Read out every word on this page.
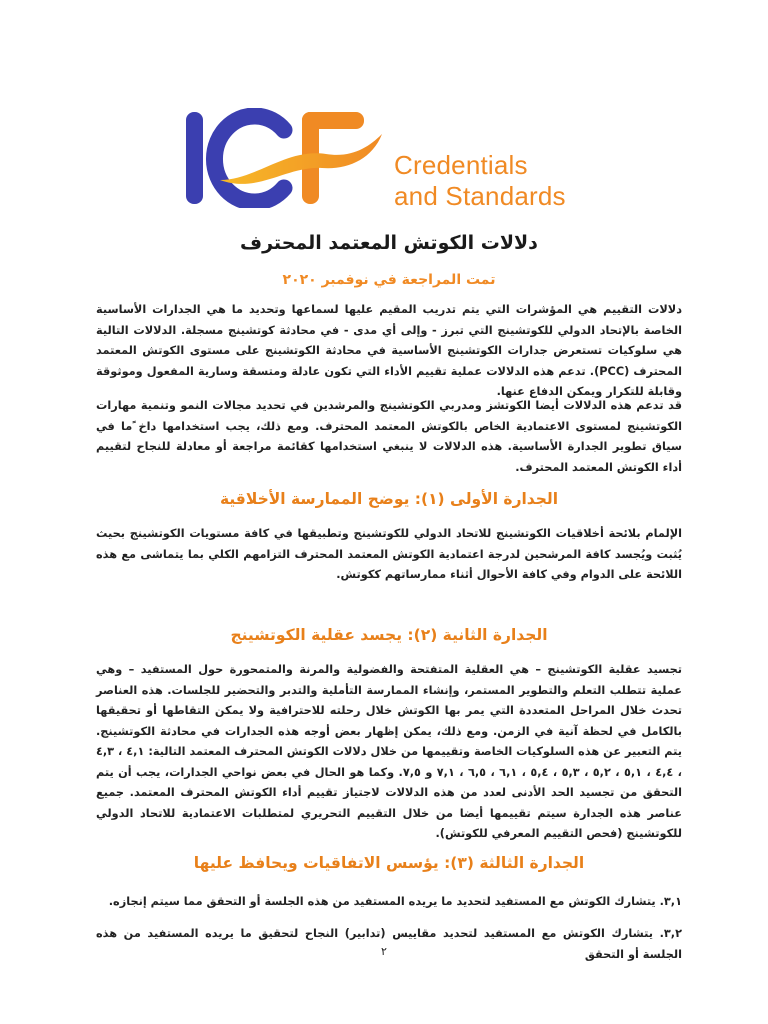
Credentials
and Standards
دلالات الكوتش المعتمد المحترف
تمت المراجعة في نوفمبر ٢٠٢٠

دلالات التقييم هي المؤشرات التي يتم تدريب المقيم عليها لسماعها وتحديد ما هي الجدارات الأساسية الخاصة بالإتحاد الدولي للكوتشينج التي تبرز - وإلى أي مدى - في محادثة كوتشينج مسجلة. الدلالات التالية هي سلوكيات تستعرض جدارات الكوتشينج الأساسية في محادثة الكوتشينج على مستوى الكوتش المعتمد المحترف (PCC). تدعم هذه الدلالات عملية تقييم الأداء التي تكون عادلة ومتسقة وسارية المفعول وموثوقة وقابلة للتكرار ويمكن الدفاع عنها.

قد تدعم هذه الدلالات أيضا الكوتشز ومدربي الكوتشينج والمرشدين في تحديد مجالات النمو وتنمية مهارات الكوتشينج لمستوى الاعتمادية الخاص بالكوتش المعتمد المحترف. ومع ذلك، يجب استخدامها داخ ًما في سياق تطوير الجدارة الأساسية. هذه الدلالات لا ينبغي استخدامها كقائمة مراجعة أو معادلة للنجاح لتقييم أداء الكوتش المعتمد المحترف.

الجدارة الأولى (١): يوضح الممارسة الأخلاقية

الإلمام بلائحة أخلاقيات الكوتشينج للاتحاد الدولي للكوتشينج وتطبيقها في كافة مستويات الكوتشينج بحيث يُثبت ويُجسد كافة المرشحين لدرجة اعتمادية الكوتش المعتمد المحترف التزامهم الكلي بما يتماشى مع هذه اللائحة على الدوام وفي كافة الأحوال أثناء ممارساتهم ككوتش.

الجدارة الثانية (٢): يجسد عقلية الكوتشينج

تجسيد عقلية الكوتشينج – هي العقلية المتفتحة والفضولية والمرنة والمتمحورة حول المستفيد – وهي عملية تتطلب التعلم والتطوير المستمر، وإنشاء الممارسة التأملية والتدبر والتحضير للجلسات. هذه العناصر تحدث خلال المراحل المتعددة التي يمر بها الكوتش خلال رحلته للاحترافية ولا يمكن التقاطها أو تحقيقها بالكامل في لحظة آنية في الزمن. ومع ذلك، يمكن إظهار بعض أوجه هذه الجدارات في محادثة الكوتشينج. يتم التعبير عن هذه السلوكيات الخاصة وتقييمها من خلال دلالات الكوتش المحترف المعتمد التالية: ٤,١ ، ٤,٣ ، ٤,٤ ، ٥,١ ، ٥,٢ ، ٥,٣ ، ٥,٤ ، ٦,١ ، ٦,٥ ، ٧,١ و ٧,٥. وكما هو الحال في بعض نواحي الجدارات، يجب أن يتم التحقق من تجسيد الحد الأدنى لعدد من هذه الدلالات لاجتياز تقييم أداء الكوتش المحترف المعتمد. جميع عناصر هذه الجدارة سيتم تقييمها أيضا من خلال التقييم التحريري لمتطلبات الاعتمادية للاتحاد الدولي للكوتشينج (فحص التقييم المعرفي للكوتش).

الجدارة الثالثة (٣): يؤسس الاتفاقيات ويحافظ عليها

٣,١. يتشارك الكوتش مع المستفيد لتحديد ما يريده المستفيد من هذه الجلسة أو التحقق مما سيتم إنجازه.

٣,٢. يتشارك الكوتش مع المستفيد لتحديد مقاييس (تدابير) النجاح لتحقيق ما يريده المستفيد من هذه الجلسة أو التحقق

٢
